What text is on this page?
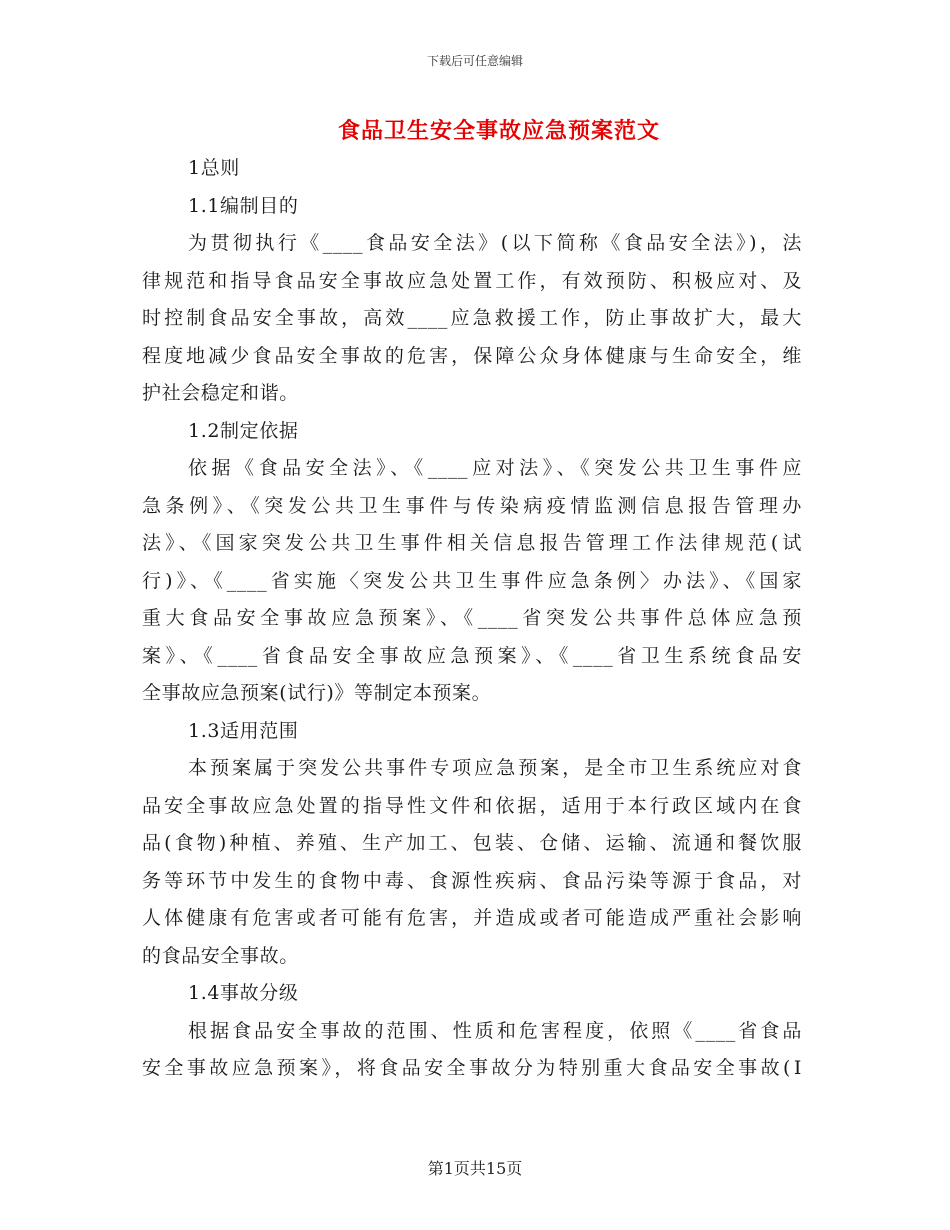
下载后可任意编辑
食品卫生安全事故应急预案范文
1总则
1.1编制目的
为贯彻执行《____食品安全法》(以下简称《食品安全法》)，法
律规范和指导食品安全事故应急处置工作，有效预防、积极应对、及
时控制食品安全事故，高效____应急救援工作，防止事故扩大，最大
程度地减少食品安全事故的危害，保障公众身体健康与生命安全，维
护社会稳定和谐。
1.2制定依据
依据《食品安全法》、《____应对法》、《突发公共卫生事件应
急条例》、《突发公共卫生事件与传染病疫情监测信息报告管理办
法》、《国家突发公共卫生事件相关信息报告管理工作法律规范(试
行)》、《____省实施〈突发公共卫生事件应急条例〉办法》、《国家
重大食品安全事故应急预案》、《____省突发公共事件总体应急预
案》、《____省食品安全事故应急预案》、《____省卫生系统食品安
全事故应急预案(试行)》等制定本预案。
1.3适用范围
本预案属于突发公共事件专项应急预案，是全市卫生系统应对食
品安全事故应急处置的指导性文件和依据，适用于本行政区域内在食
品(食物)种植、养殖、生产加工、包装、仓储、运输、流通和餐饮服
务等环节中发生的食物中毒、食源性疾病、食品污染等源于食品，对
人体健康有危害或者可能有危害，并造成或者可能造成严重社会影响
的食品安全事故。
1.4事故分级
根据食品安全事故的范围、性质和危害程度，依照《____省食品
安全事故应急预案》，将食品安全事故分为特别重大食品安全事故(Ⅰ
第1页共15页
